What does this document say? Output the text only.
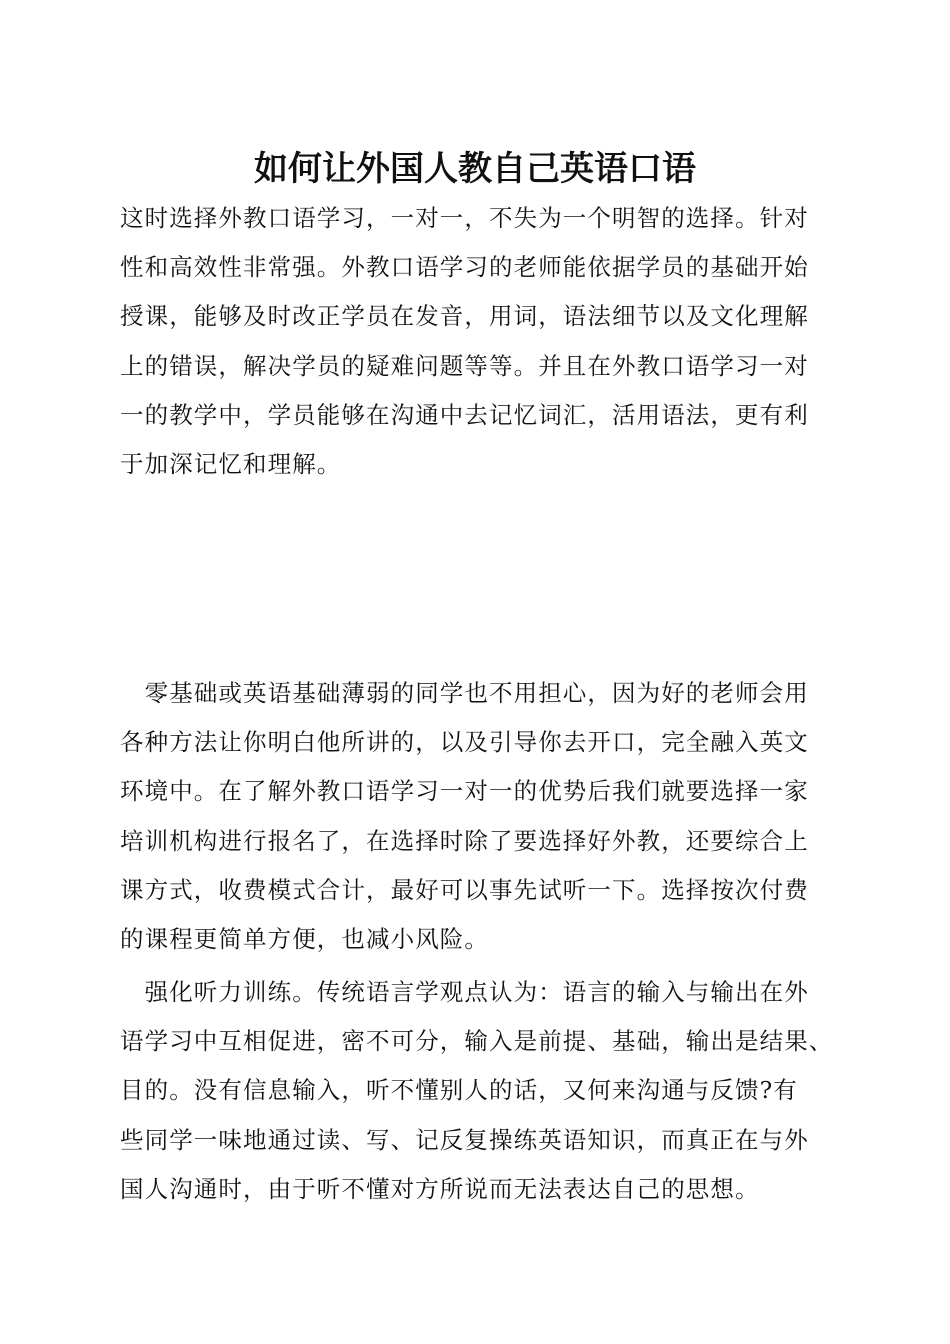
如何让外国人教自己英语口语

这时选择外教口语学习，一对一，不失为一个明智的选择。针对
性和高效性非常强。外教口语学习的老师能依据学员的基础开始
授课，能够及时改正学员在发音，用词，语法细节以及文化理解
上的错误，解决学员的疑难问题等等。并且在外教口语学习一对
一的教学中，学员能够在沟通中去记忆词汇，活用语法，更有利
于加深记忆和理解。

　零基础或英语基础薄弱的同学也不用担心，因为好的老师会用
各种方法让你明白他所讲的，以及引导你去开口，完全融入英文
环境中。在了解外教口语学习一对一的优势后我们就要选择一家
培训机构进行报名了，在选择时除了要选择好外教，还要综合上
课方式，收费模式合计，最好可以事先试听一下。选择按次付费
的课程更简单方便，也减小风险。

　强化听力训练。传统语言学观点认为：语言的输入与输出在外
语学习中互相促进，密不可分，输入是前提、基础，输出是结果、
目的。没有信息输入，听不懂别人的话，又何来沟通与反馈?有
些同学一味地通过读、写、记反复操练英语知识，而真正在与外
国人沟通时，由于听不懂对方所说而无法表达自己的思想。
